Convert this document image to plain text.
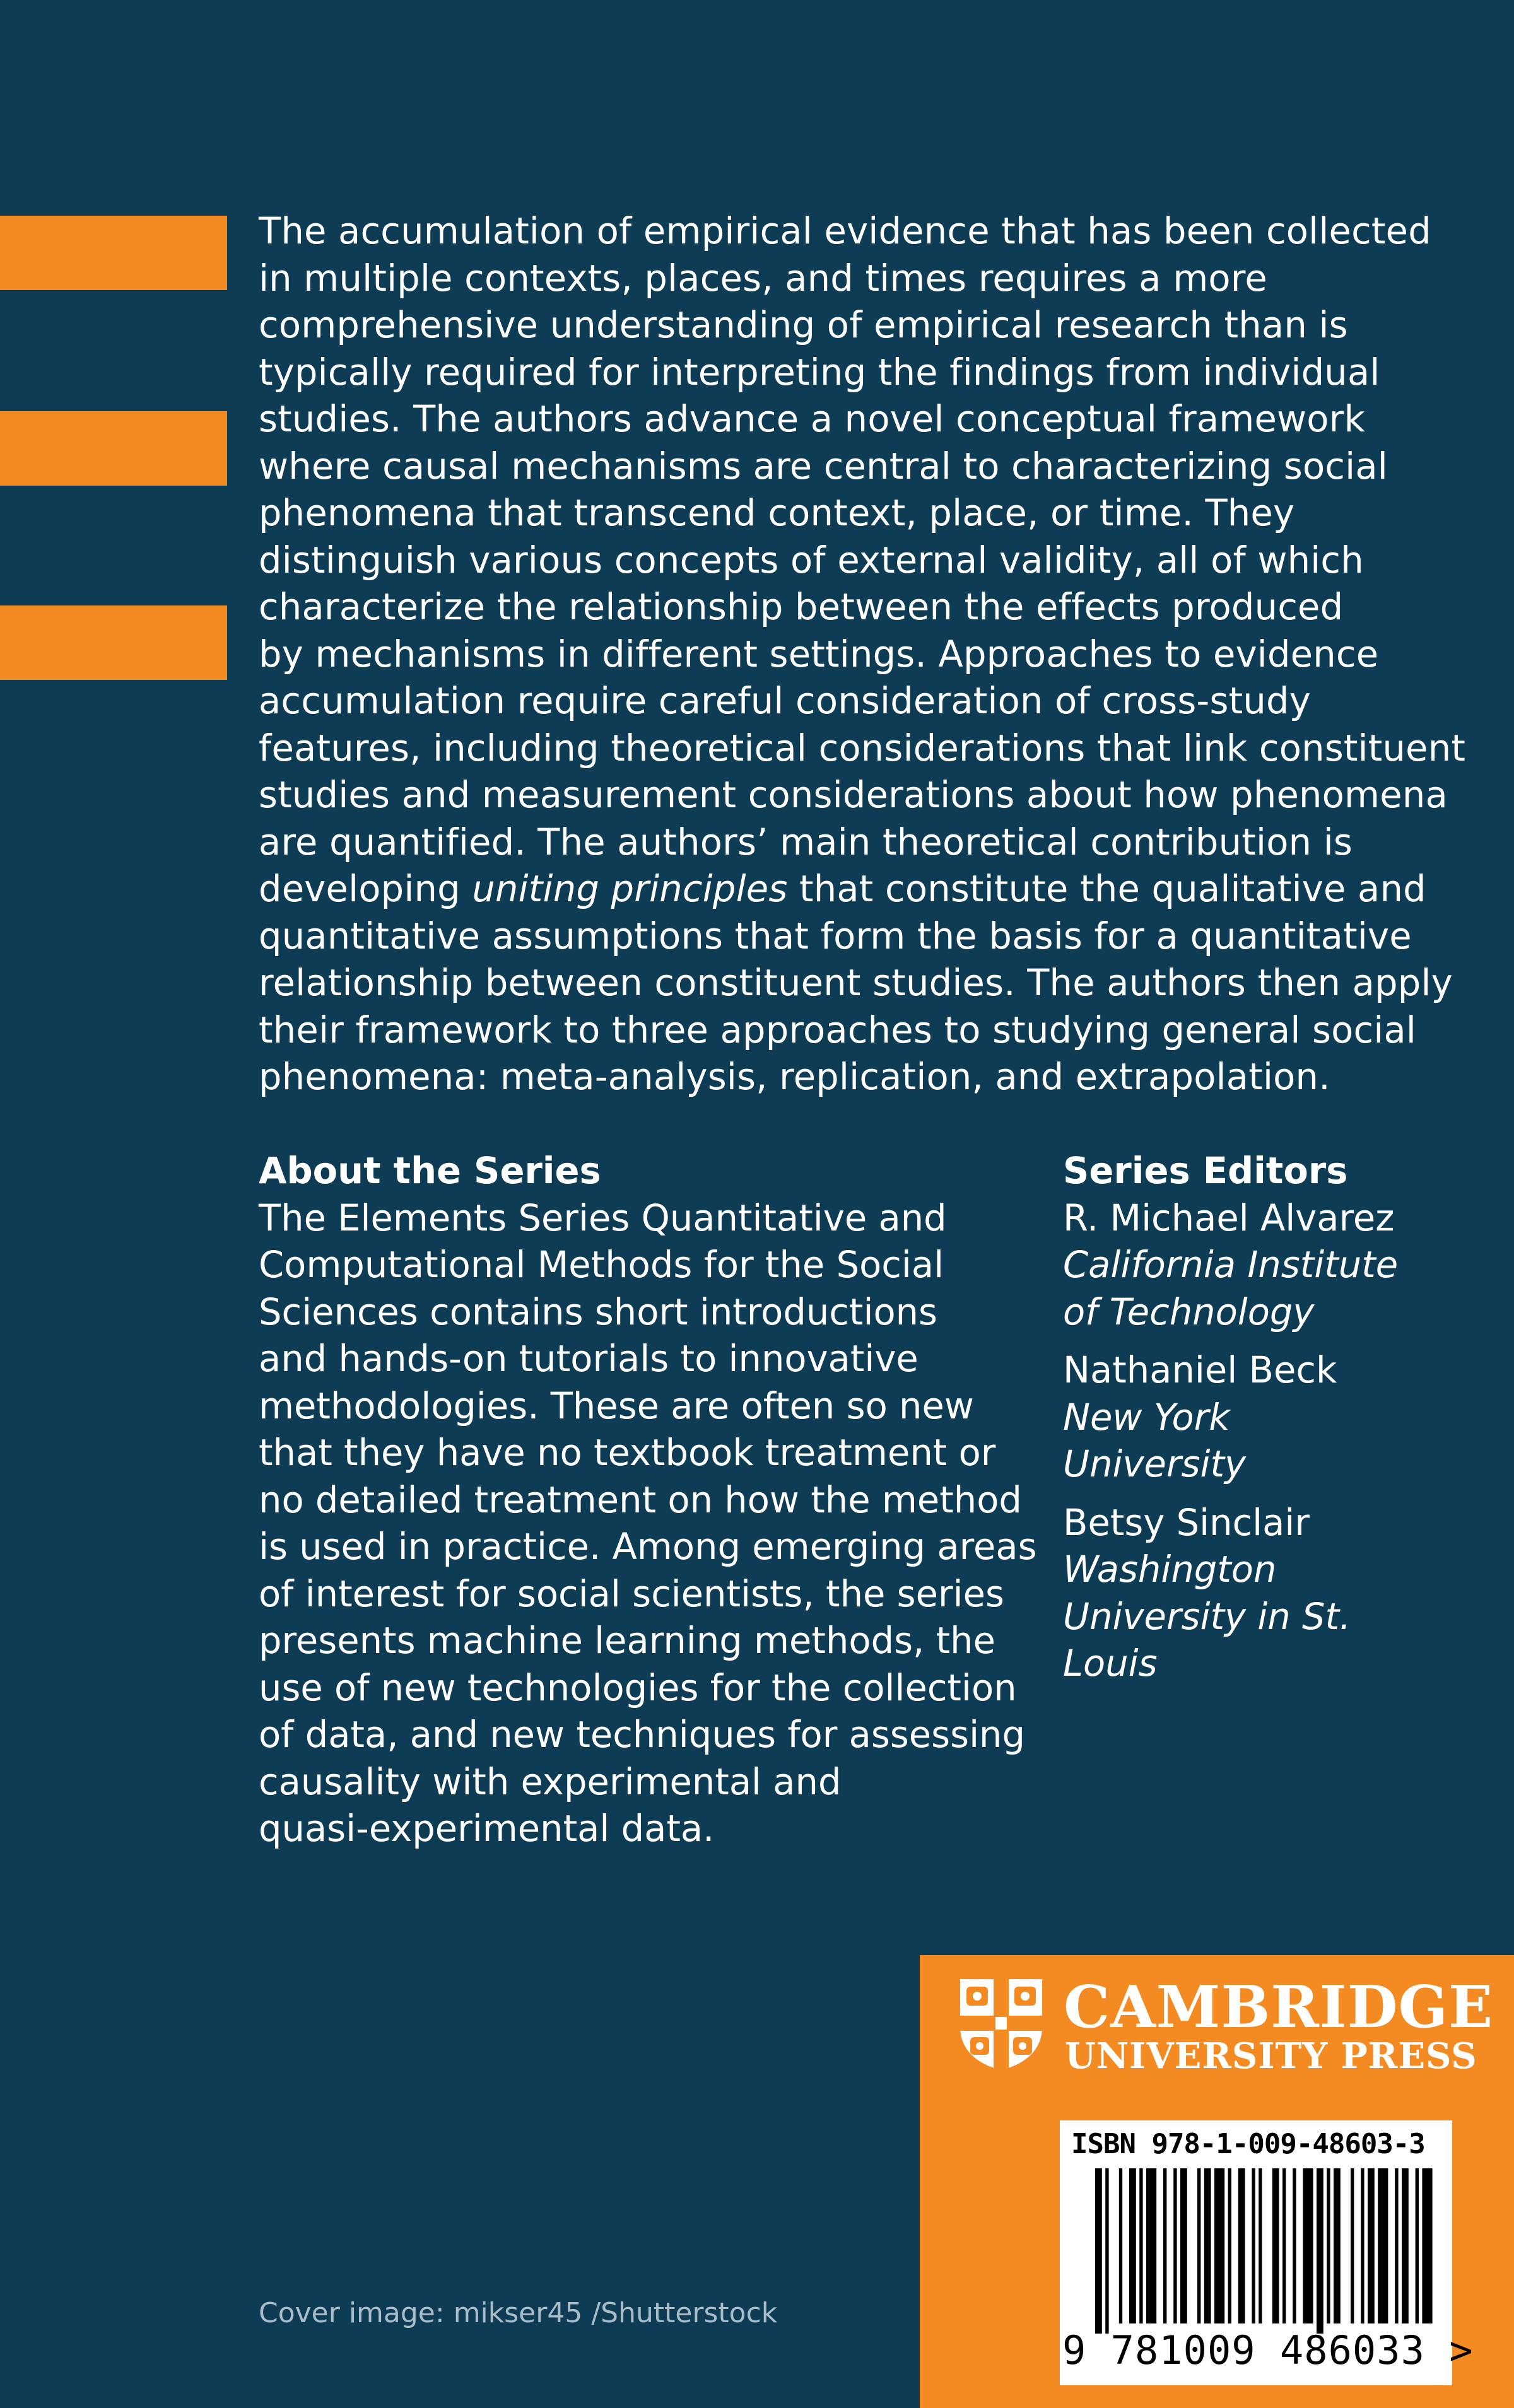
The accumulation of empirical evidence that has been collected
in multiple contexts, places, and times requires a more
comprehensive understanding of empirical research than is
typically required for interpreting the findings from individual
studies. The authors advance a novel conceptual framework
where causal mechanisms are central to characterizing social
phenomena that transcend context, place, or time. They
distinguish various concepts of external validity, all of which
characterize the relationship between the effects produced
by mechanisms in different settings. Approaches to evidence
accumulation require careful consideration of cross-study
features, including theoretical considerations that link constituent
studies and measurement considerations about how phenomena
are quantified. The authors’ main theoretical contribution is
developing uniting principles that constitute the qualitative and
quantitative assumptions that form the basis for a quantitative
relationship between constituent studies. The authors then apply
their framework to three approaches to studying general social
phenomena: meta-analysis, replication, and extrapolation.

About the Series
The Elements Series Quantitative and
Computational Methods for the Social
Sciences contains short introductions
and hands-on tutorials to innovative
methodologies. These are often so new
that they have no textbook treatment or
no detailed treatment on how the method
is used in practice. Among emerging areas
of interest for social scientists, the series
presents machine learning methods, the
use of new technologies for the collection
of data, and new techniques for assessing
causality with experimental and
quasi-experimental data.
Series Editors
R. Michael Alvarez
California Institute
of Technology
Nathaniel Beck
New York
University
Betsy Sinclair
Washington
University in St.
Louis
Cover image: mikser45 /Shutterstock
CAMBRIDGE
UNIVERSITY PRESS
ISBN 978-1-009-48603-3
9 781009 486033 >
